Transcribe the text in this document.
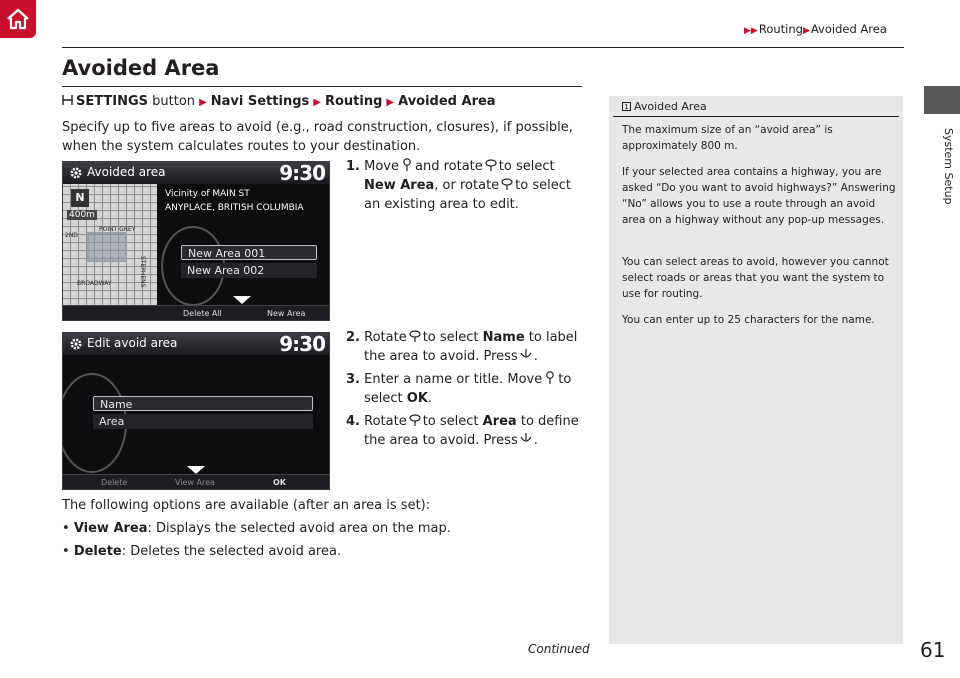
▶▶Routing▶Avoided Area
System Setup
Avoided Area
SETTINGS button ▶ Navi Settings ▶ Routing ▶ Avoided Area
Specify up to five areas to avoid (e.g., road construction, closures), if possible, when the system calculates routes to your destination.
Avoided area	9:30
N
400m
POINT GREY
2ND
BROADWAY	STEPHENS
Vicinity of MAIN ST
ANYPLACE, BRITISH COLUMBIA
New Area 001
New Area 002
Delete All	New Area
Edit avoid area	9:30
Name
Area
Delete	View Area	OK
1. Move and rotate to select New Area, or rotate to select an existing area to edit.
2. Rotate to select Name to label the area to avoid. Press .
3. Enter a name or title. Move to select OK.
4. Rotate to select Area to define the area to avoid. Press .
The following options are available (after an area is set):
• View Area: Displays the selected avoid area on the map.
• Delete: Deletes the selected avoid area.
1 Avoided Area
The maximum size of an “avoid area” is approximately 800 m.
If your selected area contains a highway, you are asked “Do you want to avoid highways?” Answering “No” allows you to use a route through an avoid area on a highway without any pop-up messages.
You can select areas to avoid, however you cannot select roads or areas that you want the system to use for routing.
You can enter up to 25 characters for the name.
Continued	61
